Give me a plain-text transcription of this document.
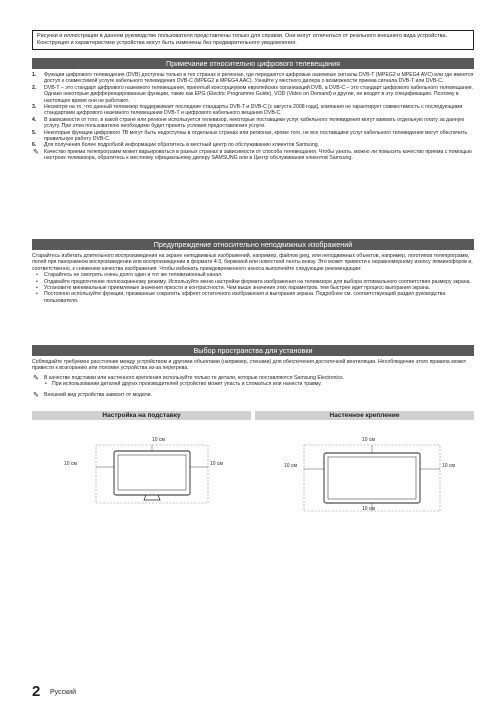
Рисунки и иллюстрации в данном руководстве пользователя представлены только для справки. Они могут отличаться от реального внешнего вида устройства. Конструкция и характеристики устройства могут быть изменены без предварительного уведомления.
Примечание относительно цифрового телевещания
1. Функции цифрового телевидения (DVB) доступны только в тех странах и регионах, где передаются цифровые наземные сигналы DVB-T (MPEG2 и MPEG4 AVC) или где имеется доступ к совместимой услуге кабельного телевидения DVB-C (MPEG2 и MPEG4 AAC). Узнайте у местного дилера о возможности приема сигнала DVB-T или DVB-C.
2. DVB-T – это стандарт цифрового наземного телевещания, принятый консорциумом европейских организаций DVB, а DVB-C – это стандарт цифрового кабельного телевещания. Однако некоторые дифференцированные функции, такие как EPG (Electric Programme Guide), VOD (Video on Demand) и другие, не входят в эту спецификацию. Поэтому в настоящее время они не работают.
3. Несмотря на то, что данный телевизор поддерживает последние стандарты DVB-T и DVB-C [с августа 2008 года], компания не гарантирует совместимость с последующими стандартами цифрового наземного телевещания DVB-T и цифрового кабельного вещания DVB-C.
4. В зависимости от того, в какой стране или регионе используется телевизор, некоторые поставщики услуг кабельного телевидения могут взимать отдельную плату за данную услугу. При этом пользователю необходимо будет принять условия предоставления услуги.
5. Некоторые функции цифрового ТВ могут быть недоступны в отдельных странах или регионах, кроме того, не все поставщики услуг кабельного телевидения могут обеспечить правильную работу DVB-C.
6. Для получения более подробной информации обратитесь в местный центр по обслуживанию клиентов Samsung.
✎ Качество приема телепрограмм может варьироваться в разных странах в зависимости от способа телевещания. Чтобы узнать, можно ли повысить качество приема с помощью настроек телевизора, обратитесь к местному официальному дилеру SAMSUNG или в Центр обслуживания клиентов Samsung.
Предупреждение относительно неподвижных изображений

Старайтесь избегать длительного воспроизведения на экране неподвижных изображений, например, файлов jpeg, или неподвижных объектов, например, логотипов телепрограмм, полей при панорамном воспроизведении или воспроизведении в формате 4:3, биржевой или новостной ленты внизу. Это может привести к неравномерному износу люминофоров и, соответственно, к снижению качества изображения. Чтобы избежать преждевременного износа выполняйте следующие рекомендации:

• Старайтесь не смотреть очень долго один и тот же телевизионный канал.
• Отдавайте предпочтение полноэкранному режиму. Используйте меню настройки формата изображения на телевизоре для выбора оптимального соответствия размеру экрана.
• Установите минимальные приемлемые значения яркости и контрастности. Чем выше значения этих параметров, тем быстрее идет процесс выгорания экрана.
• Постоянно используйте функции, призванные сократить эффект остаточного изображения и выгорания экрана. Подробнее см. соответствующий раздел руководства пользователя.
Выбор пространства для установки

Соблюдайте требуемое расстояние между устройством и другими объектами (например, стенами) для обеспечения достаточной вентиляции. Несоблюдение этого правила может привести к возгоранию или поломке устройства из-за перегрева.

✎ В качестве подставки или настенного крепления используйте только те детали, которые поставляются Samsung Electronics.
• При использовании деталей других производителей устройство может упасть и сломаться или нанести травму.
✎ Внешний вид устройства зависит от модели.
Настройка на подставку	Настенное крепление
10 см
10 см	10 см
10 см
10 см	10 см
10 см
2 Русский
